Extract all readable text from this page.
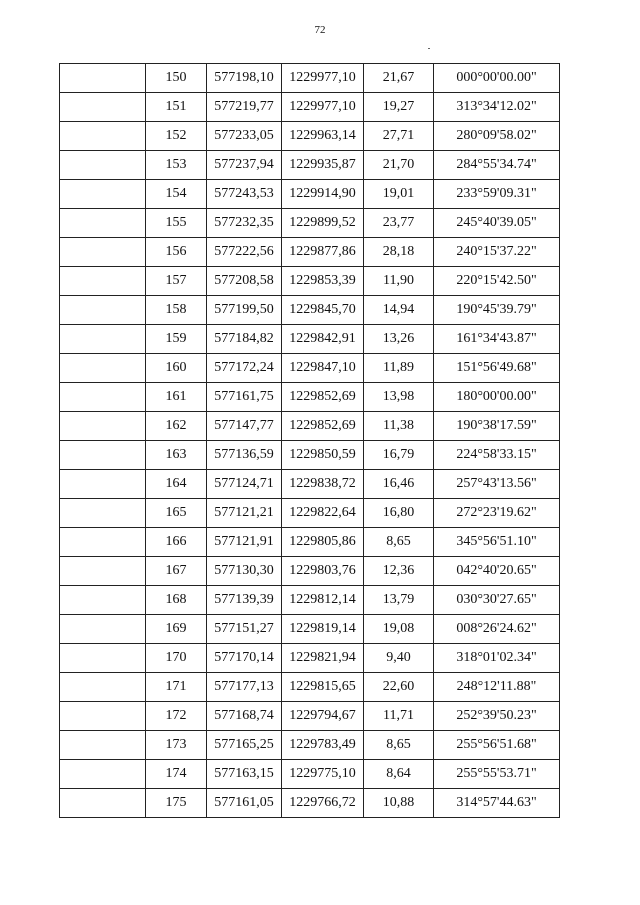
72
	150	577198,10	1229977,10	21,67	000°00'00.00"
	151	577219,77	1229977,10	19,27	313°34'12.02"
	152	577233,05	1229963,14	27,71	280°09'58.02"
	153	577237,94	1229935,87	21,70	284°55'34.74"
	154	577243,53	1229914,90	19,01	233°59'09.31"
	155	577232,35	1229899,52	23,77	245°40'39.05"
	156	577222,56	1229877,86	28,18	240°15'37.22"
	157	577208,58	1229853,39	11,90	220°15'42.50"
	158	577199,50	1229845,70	14,94	190°45'39.79"
	159	577184,82	1229842,91	13,26	161°34'43.87"
	160	577172,24	1229847,10	11,89	151°56'49.68"
	161	577161,75	1229852,69	13,98	180°00'00.00"
	162	577147,77	1229852,69	11,38	190°38'17.59"
	163	577136,59	1229850,59	16,79	224°58'33.15"
	164	577124,71	1229838,72	16,46	257°43'13.56"
	165	577121,21	1229822,64	16,80	272°23'19.62"
	166	577121,91	1229805,86	8,65	345°56'51.10"
	167	577130,30	1229803,76	12,36	042°40'20.65"
	168	577139,39	1229812,14	13,79	030°30'27.65"
	169	577151,27	1229819,14	19,08	008°26'24.62"
	170	577170,14	1229821,94	9,40	318°01'02.34"
	171	577177,13	1229815,65	22,60	248°12'11.88"
	172	577168,74	1229794,67	11,71	252°39'50.23"
	173	577165,25	1229783,49	8,65	255°56'51.68"
	174	577163,15	1229775,10	8,64	255°55'53.71"
	175	577161,05	1229766,72	10,88	314°57'44.63"
